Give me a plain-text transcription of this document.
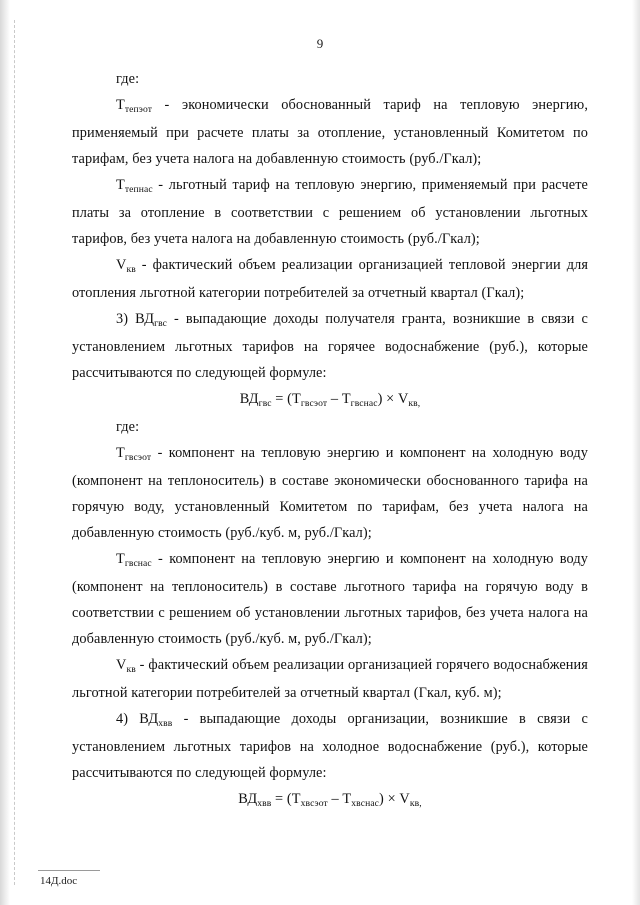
9

где:

$Т_{тепэот}$ - экономически обоснованный тариф на тепловую энергию, применяемый при расчете платы за отопление, установленный Комитетом по тарифам, без учета налога на добавленную стоимость (руб./Гкал);

$Т_{тепнас}$ - льготный тариф на тепловую энергию, применяемый при расчете платы за отопление в соответствии с решением об установлении льготных тарифов, без учета налога на добавленную стоимость (руб./Гкал);

$V_{кв}$ - фактический объем реализации организацией тепловой энергии для отопления льготной категории потребителей за отчетный квартал (Гкал);

3) $ВД_{гвс}$ - выпадающие доходы получателя гранта, возникшие в связи с установлением льготных тарифов на горячее водоснабжение (руб.), которые рассчитываются по следующей формуле:

$ВД_{гвс} = (Т_{гвсэот} - Т_{гвснас}) \times V_{кв,}$

где:

$Т_{гвсэот}$ - компонент на тепловую энергию и компонент на холодную воду (компонент на теплоноситель) в составе экономически обоснованного тарифа на горячую воду, установленный Комитетом по тарифам, без учета налога на добавленную стоимость (руб./куб. м, руб./Гкал);

$Т_{гвснас}$ - компонент на тепловую энергию и компонент на холодную воду (компонент на теплоноситель) в составе льготного тарифа на горячую воду в соответствии с решением об установлении льготных тарифов, без учета налога на добавленную стоимость (руб./куб. м, руб./Гкал);

$V_{кв}$ - фактический объем реализации организацией горячего водоснабжения льготной категории потребителей за отчетный квартал (Гкал, куб. м);

4) $ВД_{хвв}$ - выпадающие доходы организации, возникшие в связи с установлением льготных тарифов на холодное водоснабжение (руб.), которые рассчитываются по следующей формуле:

$ВД_{хвв} = (Т_{хвсэот} - Т_{хвснас}) \times V_{кв,}$

14Д.doc
